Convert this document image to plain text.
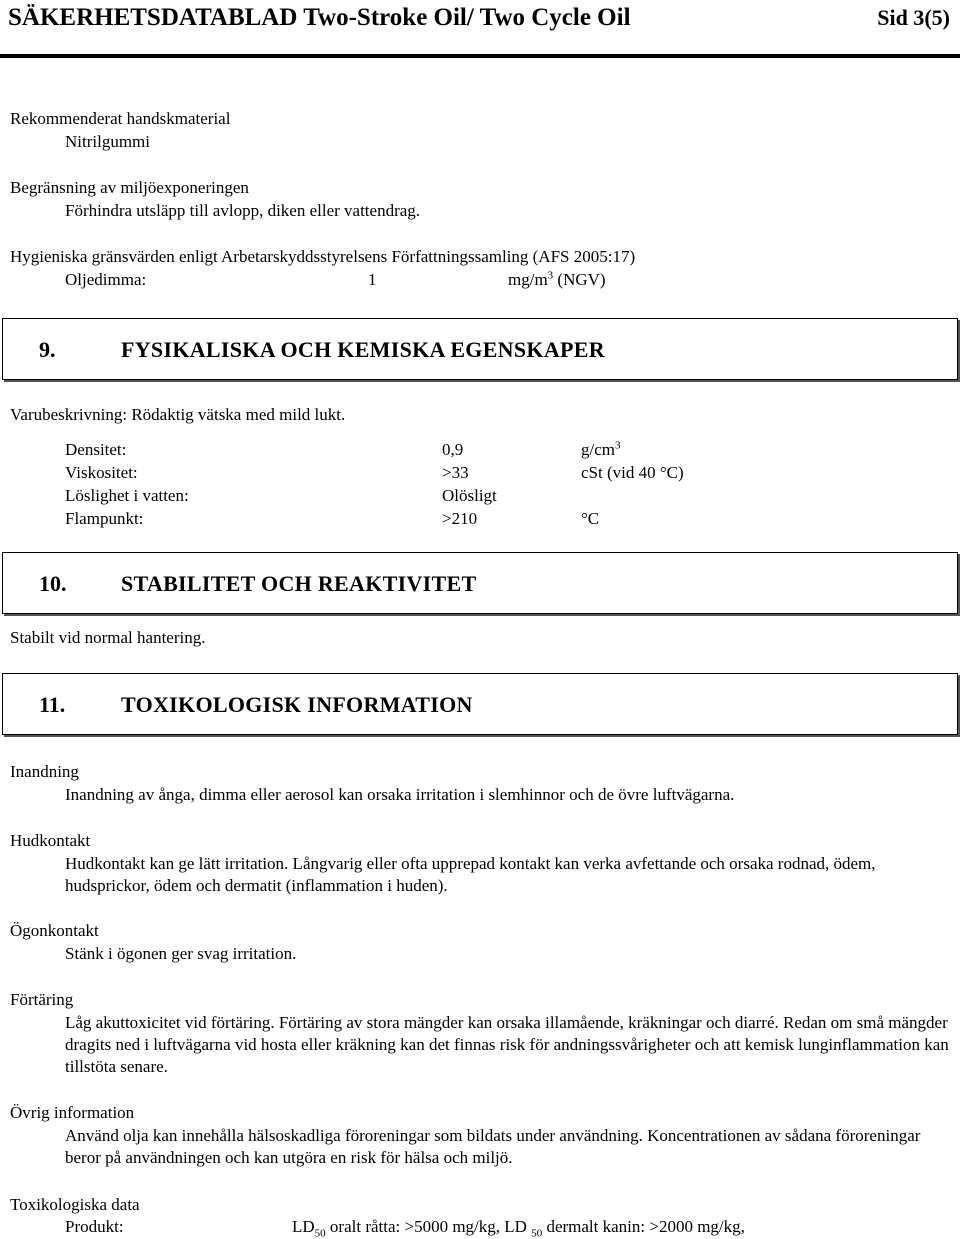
SÄKERHETSDATABLAD Two-Stroke Oil/ Two Cycle Oil	Sid 3(5)
Rekommenderat handskmaterial
Nitrilgummi
Begränsning av miljöexponeringen
Förhindra utsläpp till avlopp, diken eller vattendrag.
Hygieniska gränsvärden enligt Arbetarskyddsstyrelsens Författningssamling (AFS 2005:17)
Oljedimma:	1	$mg/m^3$ (NGV)
9.	FYSIKALISKA OCH KEMISKA EGENSKAPER
Varubeskrivning: Rödaktig vätska med mild lukt.
Densitet:	0,9	$g/cm^3$
Viskositet:	>33	cSt (vid 40 °C)
Löslighet i vatten:	Olösligt
Flampunkt:	>210	°C
10. STABILITET OCH REAKTIVITET
Stabilt vid normal hantering.
11.	TOXIKOLOGISK INFORMATION
Inandning
Inandning av ånga, dimma eller aerosol kan orsaka irritation i slemhinnor och de övre luftvägarna.
Hudkontakt
Hudkontakt kan ge lätt irritation. Långvarig eller ofta upprepad kontakt kan verka avfettande och orsaka rodnad, ödem, hudsprickor, ödem och dermatit (inflammation i huden).
Ögonkontakt
Stänk i ögonen ger svag irritation.
Förtäring
Låg akuttoxicitet vid förtäring. Förtäring av stora mängder kan orsaka illamående, kräkningar och diarré. Redan om små mängder dragits ned i luftvägarna vid hosta eller kräkning kan det finnas risk för andningssvårigheter och att kemisk lunginflammation kan tillstöta senare.
Övrig information
Använd olja kan innehålla hälsoskadliga föroreningar som bildats under användning. Koncentrationen av sådana föroreningar beror på användningen och kan utgöra en risk för hälsa och miljö.
Toxikologiska data
Produkt:	$LD_{50}$ oralt råtta: >5000 mg/kg, LD $_{50}$ dermalt kanin: >2000 mg/kg,
